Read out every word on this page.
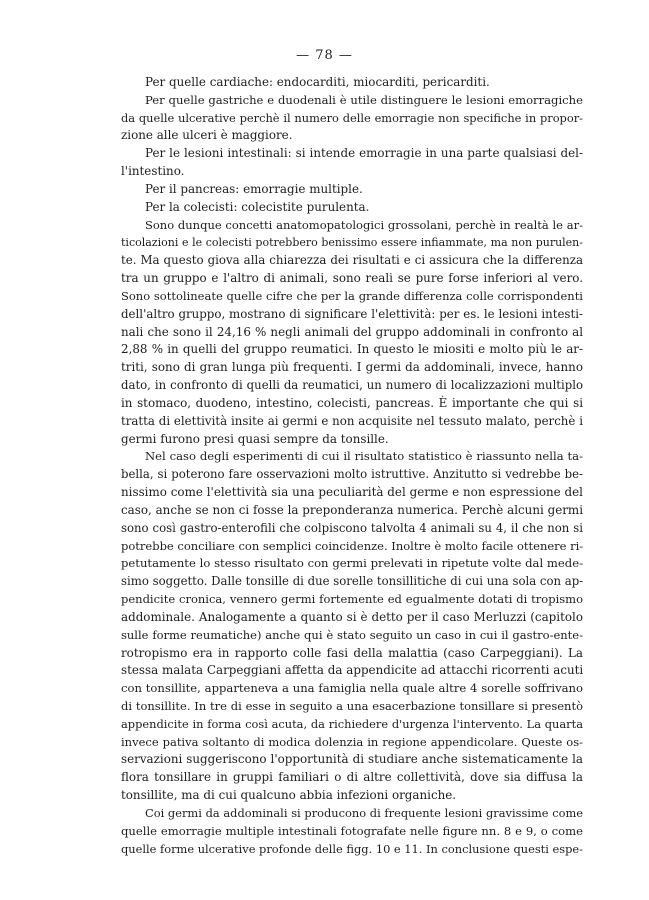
— 78 —
Per quelle cardiache: endocarditi, miocarditi, pericarditi.
Per quelle gastriche e duodenali è utile distinguere le lesioni emorragiche
da quelle ulcerative perchè il numero delle emorragie non specifiche in propor-
zione alle ulceri è maggiore.
Per le lesioni intestinali: si intende emorragie in una parte qualsiasi del-
l'intestino.
Per il pancreas: emorragie multiple.
Per la colecisti: colecistite purulenta.
Sono dunque concetti anatomopatologici grossolani, perchè in realtà le ar-
ticolazioni e le colecisti potrebbero benissimo essere infiammate, ma non purulen-
te. Ma questo giova alla chiarezza dei risultati e ci assicura che la differenza
tra un gruppo e l'altro di animali, sono reali se pure forse inferiori al vero.
Sono sottolineate quelle cifre che per la grande differenza colle corrispondenti
dell'altro gruppo, mostrano di significare l'elettività: per es. le lesioni intesti-
nali che sono il 24,16 % negli animali del gruppo addominali in confronto al
2,88 % in quelli del gruppo reumatici. In questo le miositi e molto più le ar-
triti, sono di gran lunga più frequenti. I germi da addominali, invece, hanno
dato, in confronto di quelli da reumatici, un numero di localizzazioni multiplo
in stomaco, duodeno, intestino, colecisti, pancreas. È importante che qui si
tratta di elettività insite ai germi e non acquisite nel tessuto malato, perchè i
germi furono presi quasi sempre da tonsille.
Nel caso degli esperimenti di cui il risultato statistico è riassunto nella ta-
bella, si poterono fare osservazioni molto istruttive. Anzitutto si vedrebbe be-
nissimo come l'elettività sia una peculiarità del germe e non espressione del
caso, anche se non ci fosse la preponderanza numerica. Perchè alcuni germi
sono così gastro-enterofili che colpiscono talvolta 4 animali su 4, il che non si
potrebbe conciliare con semplici coincidenze. Inoltre è molto facile ottenere ri-
petutamente lo stesso risultato con germi prelevati in ripetute volte dal mede-
simo soggetto. Dalle tonsille di due sorelle tonsillitiche di cui una sola con ap-
pendicite cronica, vennero germi fortemente ed egualmente dotati di tropismo
addominale. Analogamente a quanto si è detto per il caso Merluzzi (capitolo
sulle forme reumatiche) anche qui è stato seguito un caso in cui il gastro-ente-
rotropismo era in rapporto colle fasi della malattia (caso Carpeggiani). La
stessa malata Carpeggiani affetta da appendicite ad attacchi ricorrenti acuti
con tonsillite, apparteneva a una famiglia nella quale altre 4 sorelle soffrivano
di tonsillite. In tre di esse in seguito a una esacerbazione tonsillare si presentò
appendicite in forma così acuta, da richiedere d'urgenza l'intervento. La quarta
invece pativa soltanto di modica dolenzia in regione appendicolare. Queste os-
servazioni suggeriscono l'opportunità di studiare anche sistematicamente la
flora tonsillare in gruppi familiari o di altre collettività, dove sia diffusa la
tonsillite, ma di cui qualcuno abbia infezioni organiche.
Coi germi da addominali si producono di frequente lesioni gravissime come
quelle emorragie multiple intestinali fotografate nelle figure nn. 8 e 9, o come
quelle forme ulcerative profonde delle figg. 10 e 11. In conclusione questi espe-
